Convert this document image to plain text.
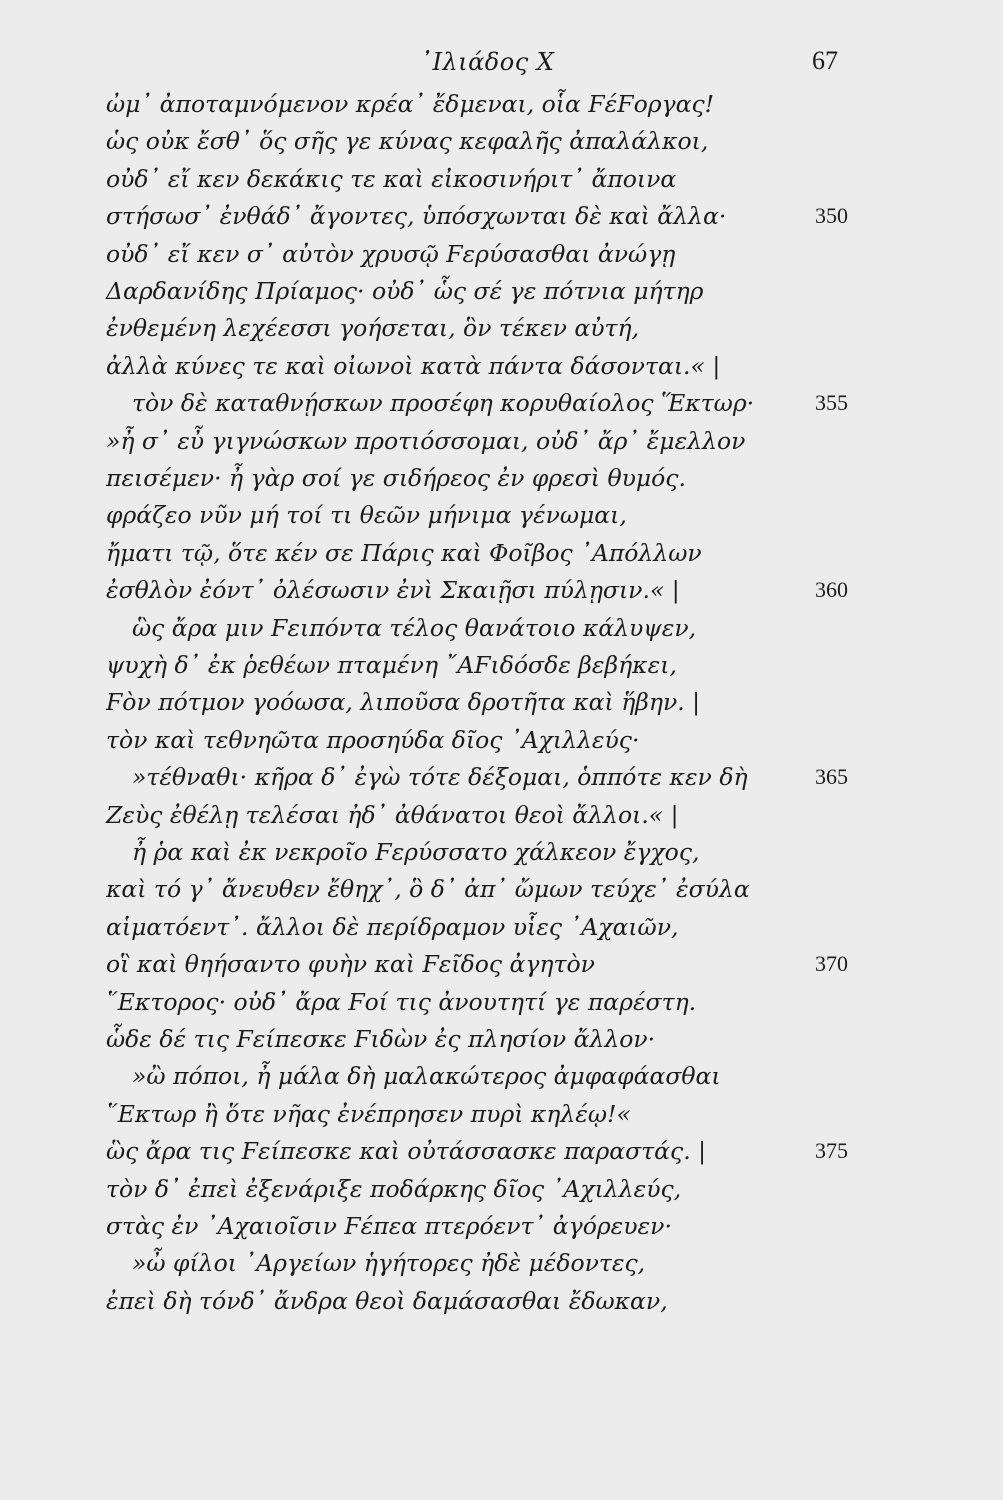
᾿Ιλιάδος Χ	67
ὠμ᾽ ἀποταμνόμενον κρέα᾽ ἔδμεναι, οἷα ϜέϜοργας!
ὡς οὐκ ἔσθ᾽ ὅς σῆς γε κύνας κεφαλῆς ἀπαλάλκοι,
οὐδ᾽ εἴ κεν δεκάκις τε καὶ εἰκοσινήριτ᾽ ἄποινα
στήσωσ᾽ ἐνθάδ᾽ ἄγοντες, ὑπόσχωνται δὲ καὶ ἄλλα·	350
οὐδ᾽ εἴ κεν σ᾽ αὐτὸν χρυσῷ Ϝερύσασθαι ἀνώγῃ
Δαρδανίδης Πρίαμος· οὐδ᾽ ὧς σέ γε πότνια μήτηρ
ἐνθεμένη λεχέεσσι γοήσεται, ὃν τέκεν αὐτή,
ἀλλὰ κύνες τε καὶ οἰωνοὶ κατὰ πάντα δάσονται.« |
τὸν δὲ καταθνῄσκων προσέφη κορυθαίολος Ἕκτωρ·	355
»ἦ σ᾽ εὖ γιγνώσκων προτιόσσομαι, οὐδ᾽ ἄρ᾽ ἔμελλον
πεισέμεν· ἦ γὰρ σοί γε σιδήρεος ἐν φρεσὶ θυμός.
φράζεο νῦν μή τοί τι θεῶν μήνιμα γένωμαι,
ἤματι τῷ, ὅτε κέν σε Πάρις καὶ Φοῖβος ᾿Απόλλων
ἐσθλὸν ἐόντ᾽ ὀλέσωσιν ἐνὶ Σκαιῇσι πύλῃσιν.« |	360
ὣς ἄρα μιν Ϝειπόντα τέλος θανάτοιο κάλυψεν,
ψυχὴ δ᾽ ἐκ ῥεθέων πταμένη ῎ΑϜιδόσδε βεβήκει,
Ϝὸν πότμον γοόωσα, λιποῦσα δροτῆτα καὶ ἥβην. |
τὸν καὶ τεθνηῶτα προσηύδα δῖος ᾿Αχιλλεύς·
»τέθναθι· κῆρα δ᾽ ἐγὼ τότε δέξομαι, ὁππότε κεν δὴ	365
Ζεὺς ἐθέλῃ τελέσαι ἠδ᾽ ἀθάνατοι θεοὶ ἄλλοι.« |
ἦ ῥα καὶ ἐκ νεκροῖο Ϝερύσσατο χάλκεον ἔγχος,
καὶ τό γ᾽ ἄνευθεν ἔθηχ᾽, ὃ δ᾽ ἀπ᾽ ὤμων τεύχε᾽ ἐσύλα
αἱματόεντ᾽. ἄλλοι δὲ περίδραμον υἷες ᾿Αχαιῶν,
οἳ καὶ θηήσαντο φυὴν καὶ Ϝεῖδος ἀγητὸν	370
῞Εκτορος· οὐδ᾽ ἄρα Ϝοί τις ἀνουτητί γε παρέστη.
ὧδε δέ τις Ϝείπεσκε Ϝιδὼν ἐς πλησίον ἄλλον·
»ὢ πόποι, ἦ μάλα δὴ μαλακώτερος ἀμφαφάασθαι
῞Εκτωρ ἢ ὅτε νῆας ἐνέπρησεν πυρὶ κηλέῳ!«
ὣς ἄρα τις Ϝείπεσκε καὶ οὐτάσσασκε παραστάς. |	375
τὸν δ᾽ ἐπεὶ ἐξενάριξε ποδάρκης δῖος ᾿Αχιλλεύς,
στὰς ἐν ᾿Αχαιοῖσιν Ϝέπεα πτερόεντ᾽ ἀγόρευεν·
»ὦ φίλοι ᾿Αργείων ἡγήτορες ἠδὲ μέδοντες,
ἐπεὶ δὴ τόνδ᾽ ἄνδρα θεοὶ δαμάσασθαι ἔδωκαν,
